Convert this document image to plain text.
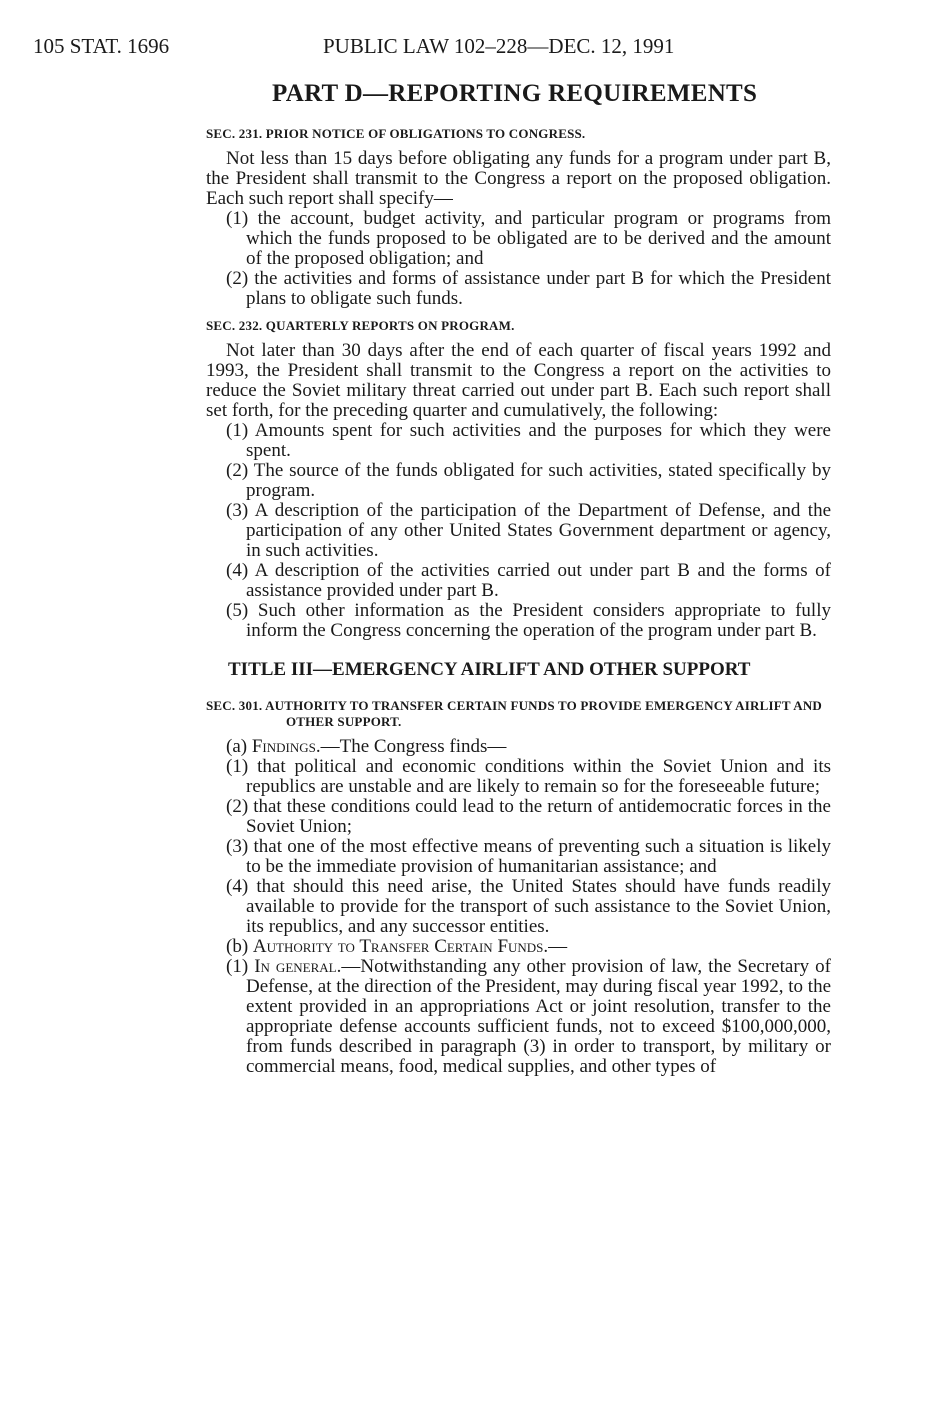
105 STAT. 1696	PUBLIC LAW 102–228—DEC. 12, 1991
PART D—REPORTING REQUIREMENTS
SEC. 231. PRIOR NOTICE OF OBLIGATIONS TO CONGRESS.

Not less than 15 days before obligating any funds for a program under part B, the President shall transmit to the Congress a report on the proposed obligation. Each such report shall specify—

(1) the account, budget activity, and particular program or programs from which the funds proposed to be obligated are to be derived and the amount of the proposed obligation; and

(2) the activities and forms of assistance under part B for which the President plans to obligate such funds.

SEC. 232. QUARTERLY REPORTS ON PROGRAM.

Not later than 30 days after the end of each quarter of fiscal years 1992 and 1993, the President shall transmit to the Congress a report on the activities to reduce the Soviet military threat carried out under part B. Each such report shall set forth, for the preceding quarter and cumulatively, the following:

(1) Amounts spent for such activities and the purposes for which they were spent.

(2) The source of the funds obligated for such activities, stated specifically by program.

(3) A description of the participation of the Department of Defense, and the participation of any other United States Government department or agency, in such activities.

(4) A description of the activities carried out under part B and the forms of assistance provided under part B.

(5) Such other information as the President considers appropriate to fully inform the Congress concerning the operation of the program under part B.

TITLE III—EMERGENCY AIRLIFT AND OTHER SUPPORT
SEC. 301. AUTHORITY TO TRANSFER CERTAIN FUNDS TO PROVIDE EMERGENCY AIRLIFT AND OTHER SUPPORT.

(a) Findings.—The Congress finds—

(1) that political and economic conditions within the Soviet Union and its republics are unstable and are likely to remain so for the foreseeable future;

(2) that these conditions could lead to the return of antidemocratic forces in the Soviet Union;

(3) that one of the most effective means of preventing such a situation is likely to be the immediate provision of humanitarian assistance; and

(4) that should this need arise, the United States should have funds readily available to provide for the transport of such assistance to the Soviet Union, its republics, and any successor entities.

(b) Authority to Transfer Certain Funds.—

(1) In general.—Notwithstanding any other provision of law, the Secretary of Defense, at the direction of the President, may during fiscal year 1992, to the extent provided in an appropriations Act or joint resolution, transfer to the appropriate defense accounts sufficient funds, not to exceed $100,000,000, from funds described in paragraph (3) in order to transport, by military or commercial means, food, medical supplies, and other types of
